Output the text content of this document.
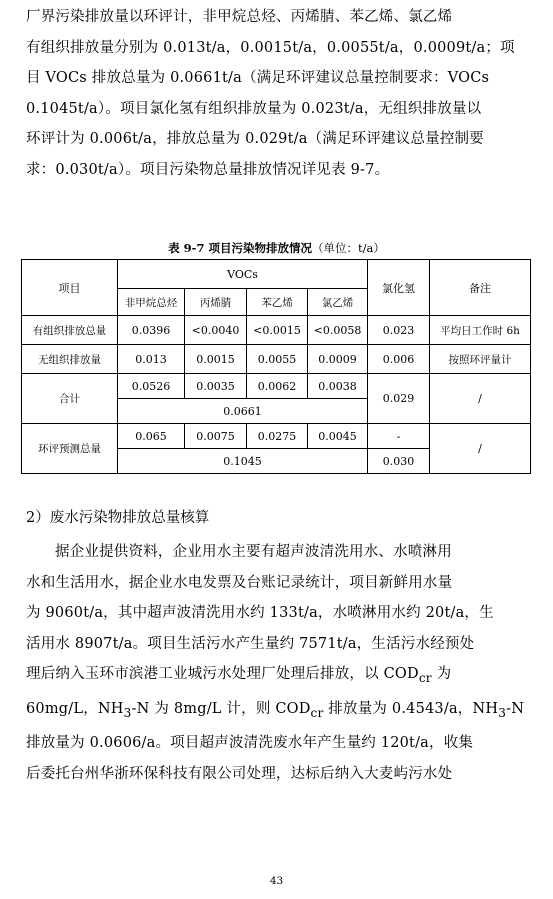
厂界污染排放量以环评计，非甲烷总烃、丙烯腈、苯乙烯、氯乙烯
有组织排放量分别为 0.013t/a，0.0015t/a，0.0055t/a，0.0009t/a；项
目 VOCs 排放总量为 0.0661t/a（满足环评建议总量控制要求：VOCs
0.1045t/a）。项目氯化氢有组织排放量为 0.023t/a，无组织排放量以
环评计为 0.006t/a，排放总量为 0.029t/a（满足环评建议总量控制要
求：0.030t/a）。项目污染物总量排放情况详见表 9-7。
表 9-7 项目污染物排放情况（单位：t/a）
项目	VOCs				氯化氢	备注
	非甲烷总烃	丙烯腈	苯乙烯	氯乙烯		
有组织排放总量	0.0396	<0.0040	<0.0015	<0.0058	0.023	平均日工作时 6h
无组织排放量	0.013	0.0015	0.0055	0.0009	0.006	按照环评量计
合计	0.0526	0.0035	0.0062	0.0038	0.029	/
	0.0661					
环评预测总量	0.065	0.0075	0.0275	0.0045	-	/
	0.1045				0.030	
2）废水污染物排放总量核算
据企业提供资料，企业用水主要有超声波清洗用水、水喷淋用
水和生活用水，据企业水电发票及台账记录统计，项目新鲜用水量
为 9060t/a，其中超声波清洗用水约 133t/a，水喷淋用水约 20t/a，生
活用水 8907t/a。项目生活污水产生量约 7571t/a，生活污水经预处
理后纳入玉环市滨港工业城污水处理厂处理后排放，以 $COD_{cr}$ 为
60mg/L，$NH_3-N$ 为 8mg/L 计，则 $COD_{cr}$ 排放量为 0.4543/a，$NH_3-N$
排放量为 0.0606/a。项目超声波清洗废水年产生量约 120t/a，收集
后委托台州华浙环保科技有限公司处理，达标后纳入大麦屿污水处
43
